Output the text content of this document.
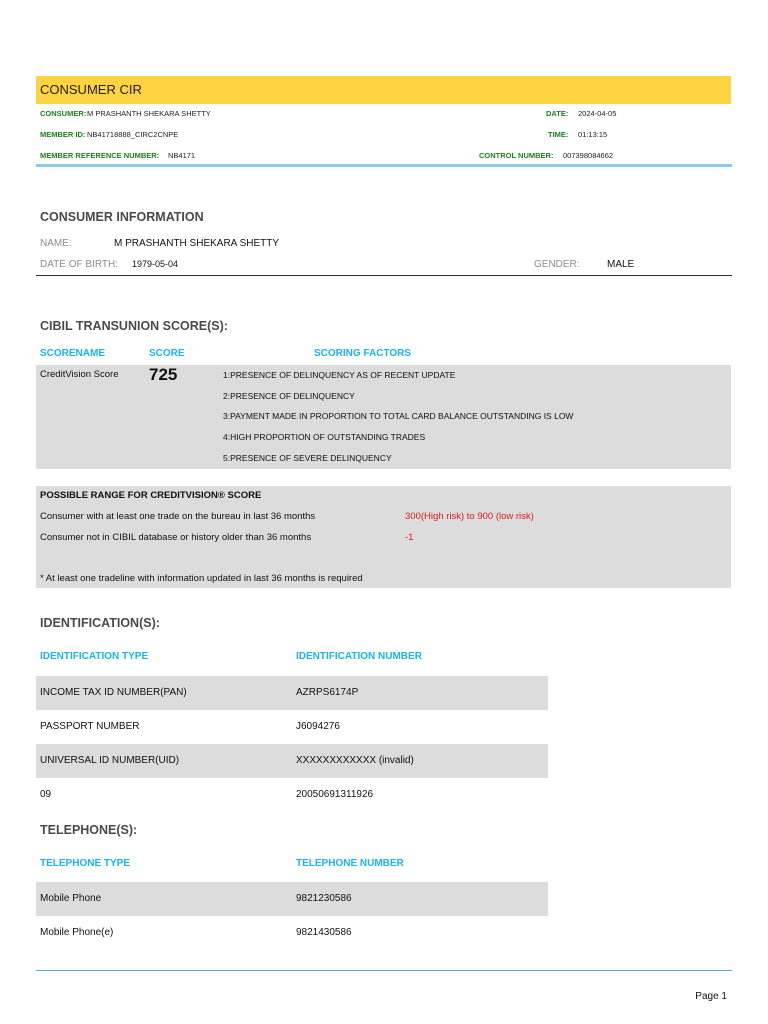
CONSUMER CIR
CONSUMER: M PRASHANTH SHEKARA SHETTY
MEMBER ID: NB41718888_CIRC2CNPE
MEMBER REFERENCE NUMBER: NB4171
DATE: 2024-04-05
TIME: 01:13:15
CONTROL NUMBER: 007398084662
CONSUMER INFORMATION
NAME:	M PRASHANTH SHEKARA SHETTY
DATE OF BIRTH: 1979-05-04	GENDER:	MALE
CIBIL TRANSUNION SCORE(S):
SCORENAME	SCORE	SCORING FACTORS
CreditVision Score 725	1:PRESENCE OF DELINQUENCY AS OF RECENT UPDATE
2:PRESENCE OF DELINQUENCY
3:PAYMENT MADE IN PROPORTION TO TOTAL CARD BALANCE OUTSTANDING IS LOW
4:HIGH PROPORTION OF OUTSTANDING TRADES
5:PRESENCE OF SEVERE DELINQUENCY
POSSIBLE RANGE FOR CREDITVISION® SCORE
Consumer with at least one trade on the bureau in last 36 months	300(High risk) to 900 (low risk)
Consumer not in CIBIL database or history older than 36 months	-1
* At least one tradeline with information updated in last 36 months is required
IDENTIFICATION(S):
IDENTIFICATION TYPE	IDENTIFICATION NUMBER
INCOME TAX ID NUMBER(PAN)	AZRPS6174P
PASSPORT NUMBER	J6094276
UNIVERSAL ID NUMBER(UID)	XXXXXXXXXXXX (invalid)
09	20050691311926
TELEPHONE(S):
TELEPHONE TYPE	TELEPHONE NUMBER
Mobile Phone	9821230586
Mobile Phone(e)	9821430586
Page 1
